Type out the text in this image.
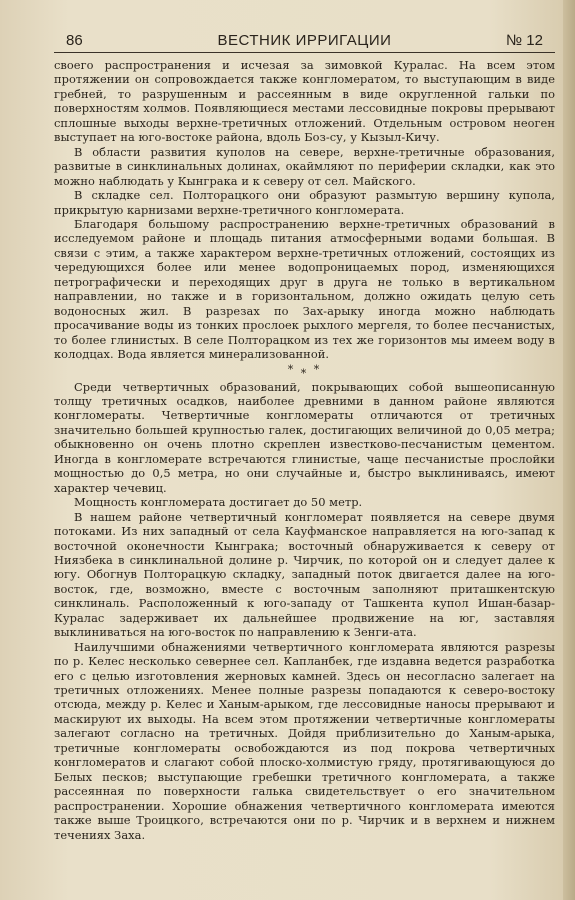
86	ВЕСТНИК ИРРИГАЦИИ	№ 12

своего распространения и исчезая за зимовкой Куралас. На всем этом протяжении он сопровождается также конгломератом, то выступающим в виде гребней, то разрушенным и рассеянным в виде округленной гальки по поверхностям холмов. Появляющиеся местами лессовидные покровы прерывают сплошные выходы верхне-третичных отложений. Отдельным островом неоген выступает на юго-востоке района, вдоль Боз-су, у Кызыл-Кичу.

В области развития куполов на севере, верхне-третичные образования, развитые в синклинальных долинах, окаймляют по периферии складки, как это можно наблюдать у Кынграка и к северу от сел. Майского.

В складке сел. Полторацкого они образуют размытую вершину купола, прикрытую карнизами верхне-третичного конгломерата.

Благодаря большому распространению верхне-третичных образований в исследуемом районе и площадь питания атмосферными водами большая. В связи с этим, а также характером верхне-третичных отложений, состоящих из чередующихся более или менее водопроницаемых пород, изменяющихся петрографически и переходящих друг в друга не только в вертикальном направлении, но также и в горизонтальном, должно ожидать целую сеть водоносных жил. В разрезах по Зах-арыку иногда можно наблюдать просачивание воды из тонких прослоек рыхлого мергеля, то более песчанистых, то более глинистых. В селе Полторацком из тех же горизонтов мы имеем воду в колодцах. Вода является минерализованной.

* * *

Среди четвертичных образований, покрывающих собой вышеописанную толщу третичных осадков, наиболее древними в данном районе являются конгломераты. Четвертичные конгломераты отличаются от третичных значительно большей крупностью галек, достигающих величиной до 0,05 метра; обыкновенно он очень плотно скреплен известково-песчанистым цементом. Иногда в конгломерате встречаются глинистые, чаще песчанистые прослойки мощностью до 0,5 метра, но они случайные и, быстро выклиниваясь, имеют характер чечевиц.

Мощность конгломерата достигает до 50 метр.

В нашем районе четвертичный конгломерат появляется на севере двумя потоками. Из них западный от села Кауфманское направляется на юго-запад к восточной оконечности Кынграка; восточный обнаруживается к северу от Ниязбека в синклинальной долине р. Чирчик, по которой он и следует далее к югу. Обогнув Полторацкую складку, западный поток двигается далее на юго-восток, где, возможно, вместе с восточным заполняют приташкентскую синклиналь. Расположенный к юго-западу от Ташкента купол Ишан-базар-Куралас задерживает их дальнейшее продвижение на юг, заставляя выклиниваться на юго-восток по направлению к Зенги-ата.

Наилучшими обнажениями четвертичного конгломерата являются разрезы по р. Келес несколько севернее сел. Капланбек, где издавна ведется разработка его с целью изготовления жерновых камней. Здесь он несогласно залегает на третичных отложениях. Менее полные разрезы попадаются к северо-востоку отсюда, между р. Келес и Ханым-арыком, где лессовидные наносы прерывают и маскируют их выходы. На всем этом протяжении четвертичные конгломераты залегают согласно на третичных. Дойдя приблизительно до Ханым-арыка, третичные конгломераты освобождаются из под покрова четвертичных конгломератов и слагают собой плоско-холмистую гряду, протягивающуюся до Белых песков; выступающие гребешки третичного конгломерата, а также рассеянная по поверхности галька свидетельствует о его значительном распространении. Хорошие обнажения четвертичного конгломерата имеются также выше Троицкого, встречаются они по р. Чирчик и в верхнем и нижнем течениях Заха.
